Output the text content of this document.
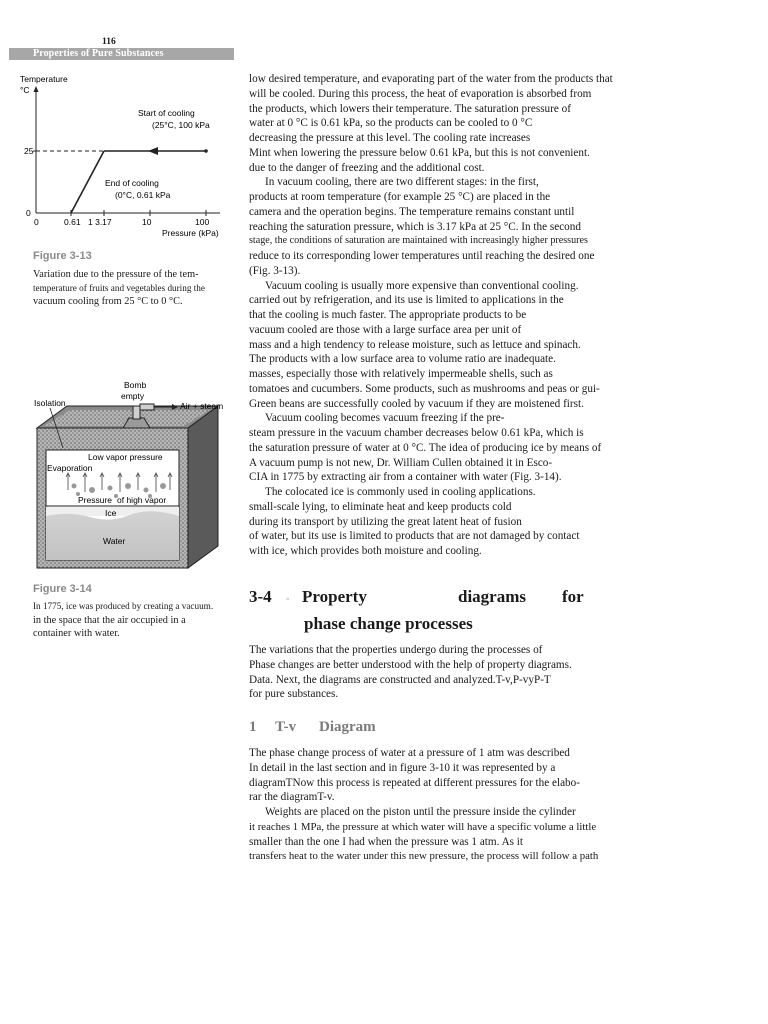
116
Properties of Pure Substances
Temperature
°C
25
0
Start of cooling
(25°C, 100 kPa
End of cooling
(0°C, 0.61 kPa
0	0.61 1 3.17	10	100
Pressure (kPa)
Figure 3-13
Variation due to the pressure of the tem-
temperature of fruits and vegetables during the
vacuum cooling from 25 °C to 0 °C.
Isolation
Bomb
empty
Air + steam
Low vapor pressure
Evaporation
Pressure of high vapor
Ice
Water
Figure 3-14
In 1775, ice was produced by creating a vacuum.
in the space that the air occupied in a
container with water.
low desired temperature, and evaporating part of the water from the products that
will be cooled. During this process, the heat of evaporation is absorbed from
the products, which lowers their temperature. The saturation pressure of
water at 0 °C is 0.61 kPa, so the products can be cooled to 0 °C
decreasing the pressure at this level. The cooling rate increases
Mint when lowering the pressure below 0.61 kPa, but this is not convenient.
due to the danger of freezing and the additional cost.
In vacuum cooling, there are two different stages: in the first,
products at room temperature (for example 25 °C) are placed in the
camera and the operation begins. The temperature remains constant until
reaching the saturation pressure, which is 3.17 kPa at 25 °C. In the second
stage, the conditions of saturation are maintained with increasingly higher pressures
reduce to its corresponding lower temperatures until reaching the desired one
(Fig. 3-13).
Vacuum cooling is usually more expensive than conventional cooling.
carried out by refrigeration, and its use is limited to applications in the
that the cooling is much faster. The appropriate products to be
vacuum cooled are those with a large surface area per unit of
mass and a high tendency to release moisture, such as lettuce and spinach.
The products with a low surface area to volume ratio are inadequate.
masses, especially those with relatively impermeable shells, such as
tomatoes and cucumbers. Some products, such as mushrooms and peas or gui-
Green beans are successfully cooled by vacuum if they are moistened first.
Vacuum cooling becomes vacuum freezing if the pre-
steam pressure in the vacuum chamber decreases below 0.61 kPa, which is
the saturation pressure of water at 0 °C. The idea of producing ice by means of
A vacuum pump is not new, Dr. William Cullen obtained it in Esco-
CIA in 1775 by extracting air from a container with water (Fig. 3-14).
The colocated ice is commonly used in cooling applications.
small-scale lying, to eliminate heat and keep products cold
during its transport by utilizing the great latent heat of fusion
of water, but its use is limited to products that are not damaged by contact
with ice, which provides both moisture and cooling.
3-4 ◦ Property	diagrams for
phase change processes
The variations that the properties undergo during the processes of
Phase changes are better understood with the help of property diagrams.
Data. Next, the diagrams are constructed and analyzed.T-v,P-vyP-T
for pure substances.
1 T-v Diagram
The phase change process of water at a pressure of 1 atm was described
In detail in the last section and in figure 3-10 it was represented by a
diagramTNow this process is repeated at different pressures for the elabo-
rar the diagramT-v.
Weights are placed on the piston until the pressure inside the cylinder
it reaches 1 MPa, the pressure at which water will have a specific volume a little
smaller than the one I had when the pressure was 1 atm. As it
transfers heat to the water under this new pressure, the process will follow a path
